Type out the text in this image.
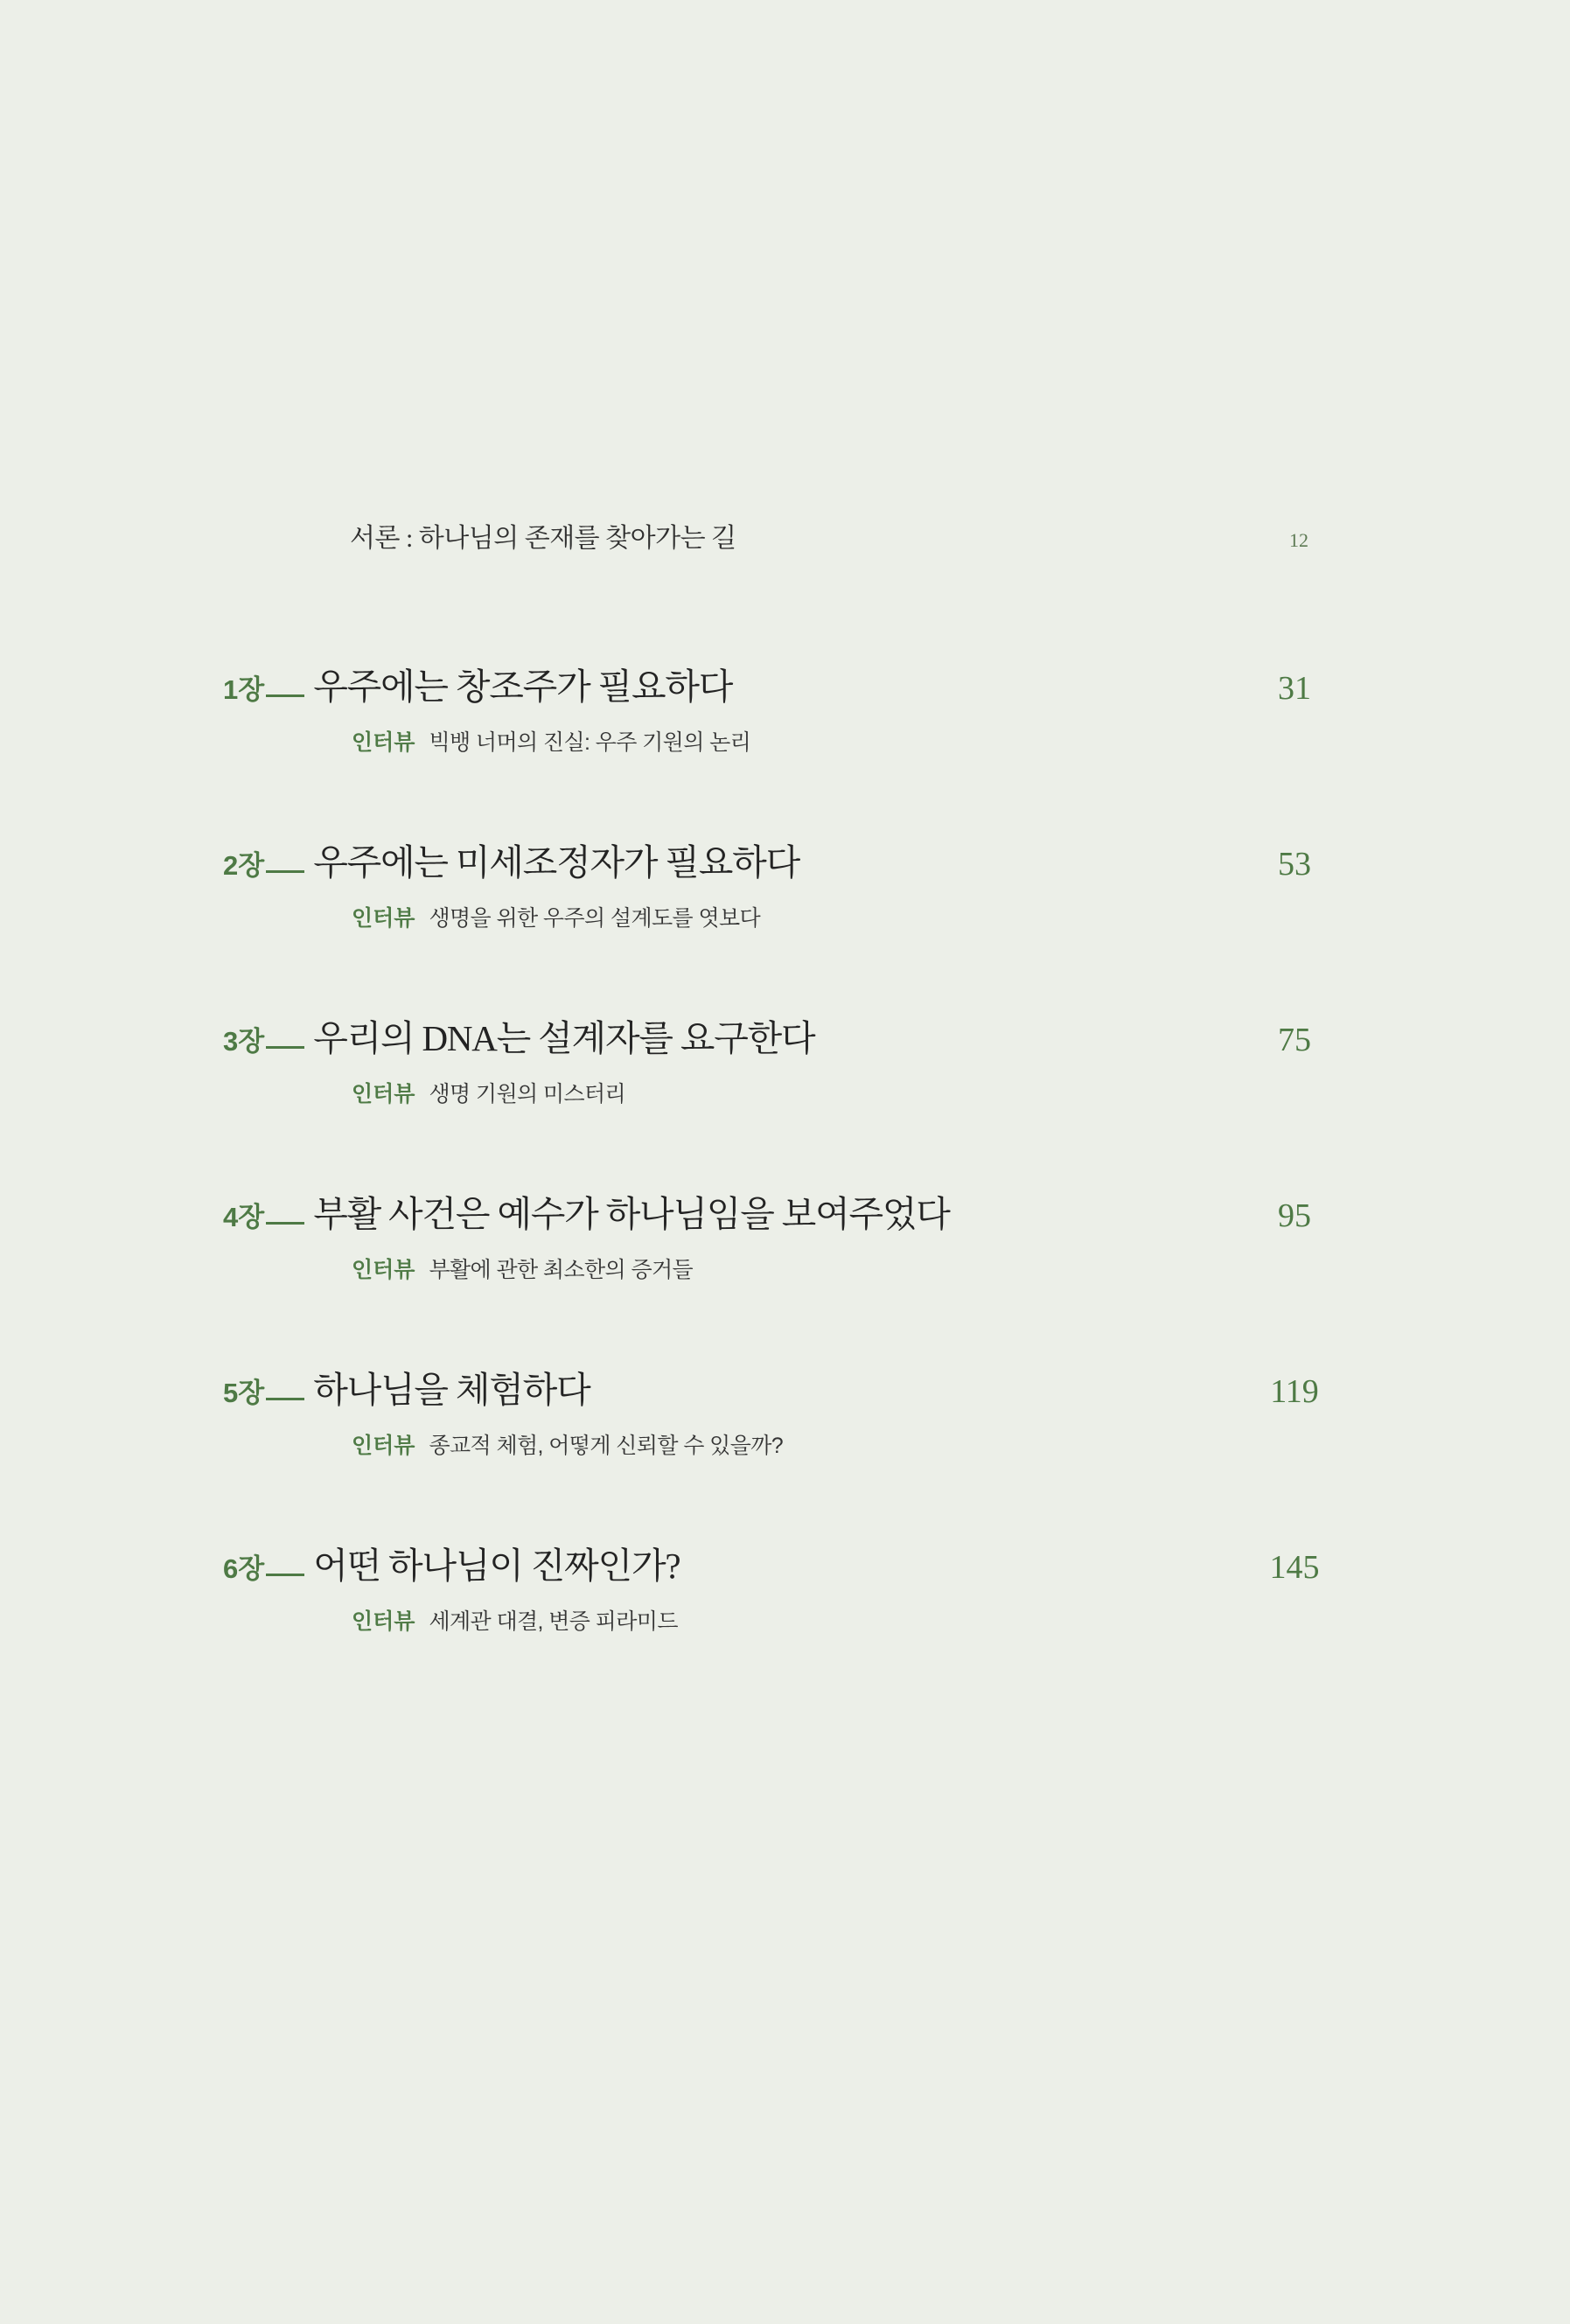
서론 : 하나님의 존재를 찾아가는 길	12
1장 우주에는 창조주가 필요하다	31
인터뷰 빅뱅 너머의 진실: 우주 기원의 논리
2장 우주에는 미세조정자가 필요하다	53
인터뷰 생명을 위한 우주의 설계도를 엿보다
3장 우리의 DNA는 설계자를 요구한다	75
인터뷰 생명 기원의 미스터리
4장 부활 사건은 예수가 하나님임을 보여주었다	95
인터뷰 부활에 관한 최소한의 증거들
5장 하나님을 체험하다	119
인터뷰 종교적 체험, 어떻게 신뢰할 수 있을까?
6장 어떤 하나님이 진짜인가?	145
인터뷰 세계관 대결, 변증 피라미드
